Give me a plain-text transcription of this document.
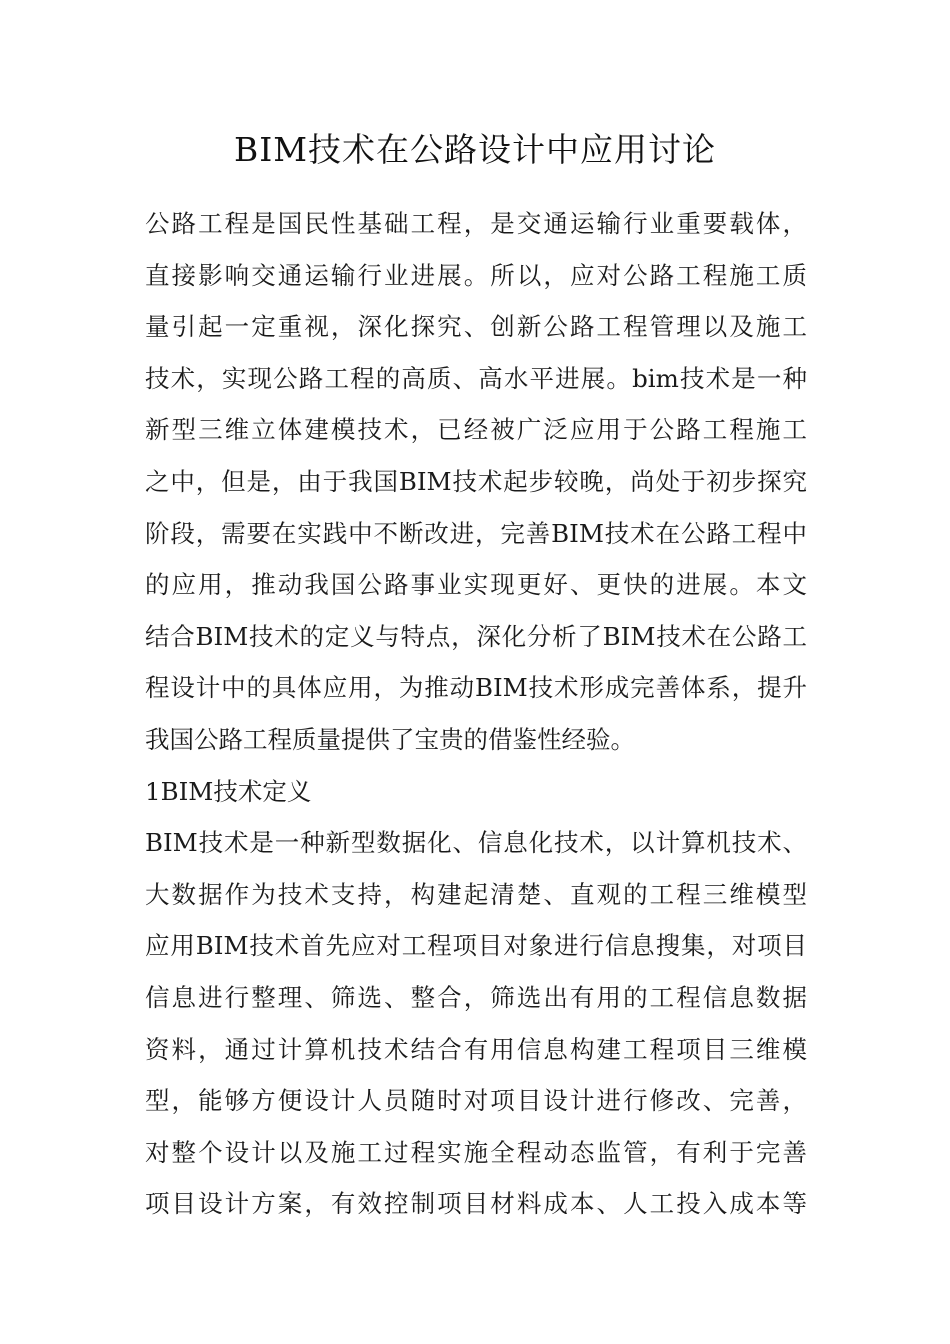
BIM技术在公路设计中应用讨论
公路工程是国民性基础工程，是交通运输行业重要载体，
直接影响交通运输行业进展。所以，应对公路工程施工质
量引起一定重视，深化探究、创新公路工程管理以及施工
技术，实现公路工程的高质、高水平进展。bim技术是一种
新型三维立体建模技术，已经被广泛应用于公路工程施工
之中，但是，由于我国BIM技术起步较晚，尚处于初步探究
阶段，需要在实践中不断改进，完善BIM技术在公路工程中
的应用，推动我国公路事业实现更好、更快的进展。本文
结合BIM技术的定义与特点，深化分析了BIM技术在公路工
程设计中的具体应用，为推动BIM技术形成完善体系，提升
我国公路工程质量提供了宝贵的借鉴性经验。
1BIM技术定义
BIM技术是一种新型数据化、信息化技术，以计算机技术、
大数据作为技术支持，构建起清楚、直观的工程三维模型
应用BIM技术首先应对工程项目对象进行信息搜集，对项目
信息进行整理、筛选、整合，筛选出有用的工程信息数据
资料，通过计算机技术结合有用信息构建工程项目三维模
型，能够方便设计人员随时对项目设计进行修改、完善，
对整个设计以及施工过程实施全程动态监管，有利于完善
项目设计方案，有效控制项目材料成本、人工投入成本等
